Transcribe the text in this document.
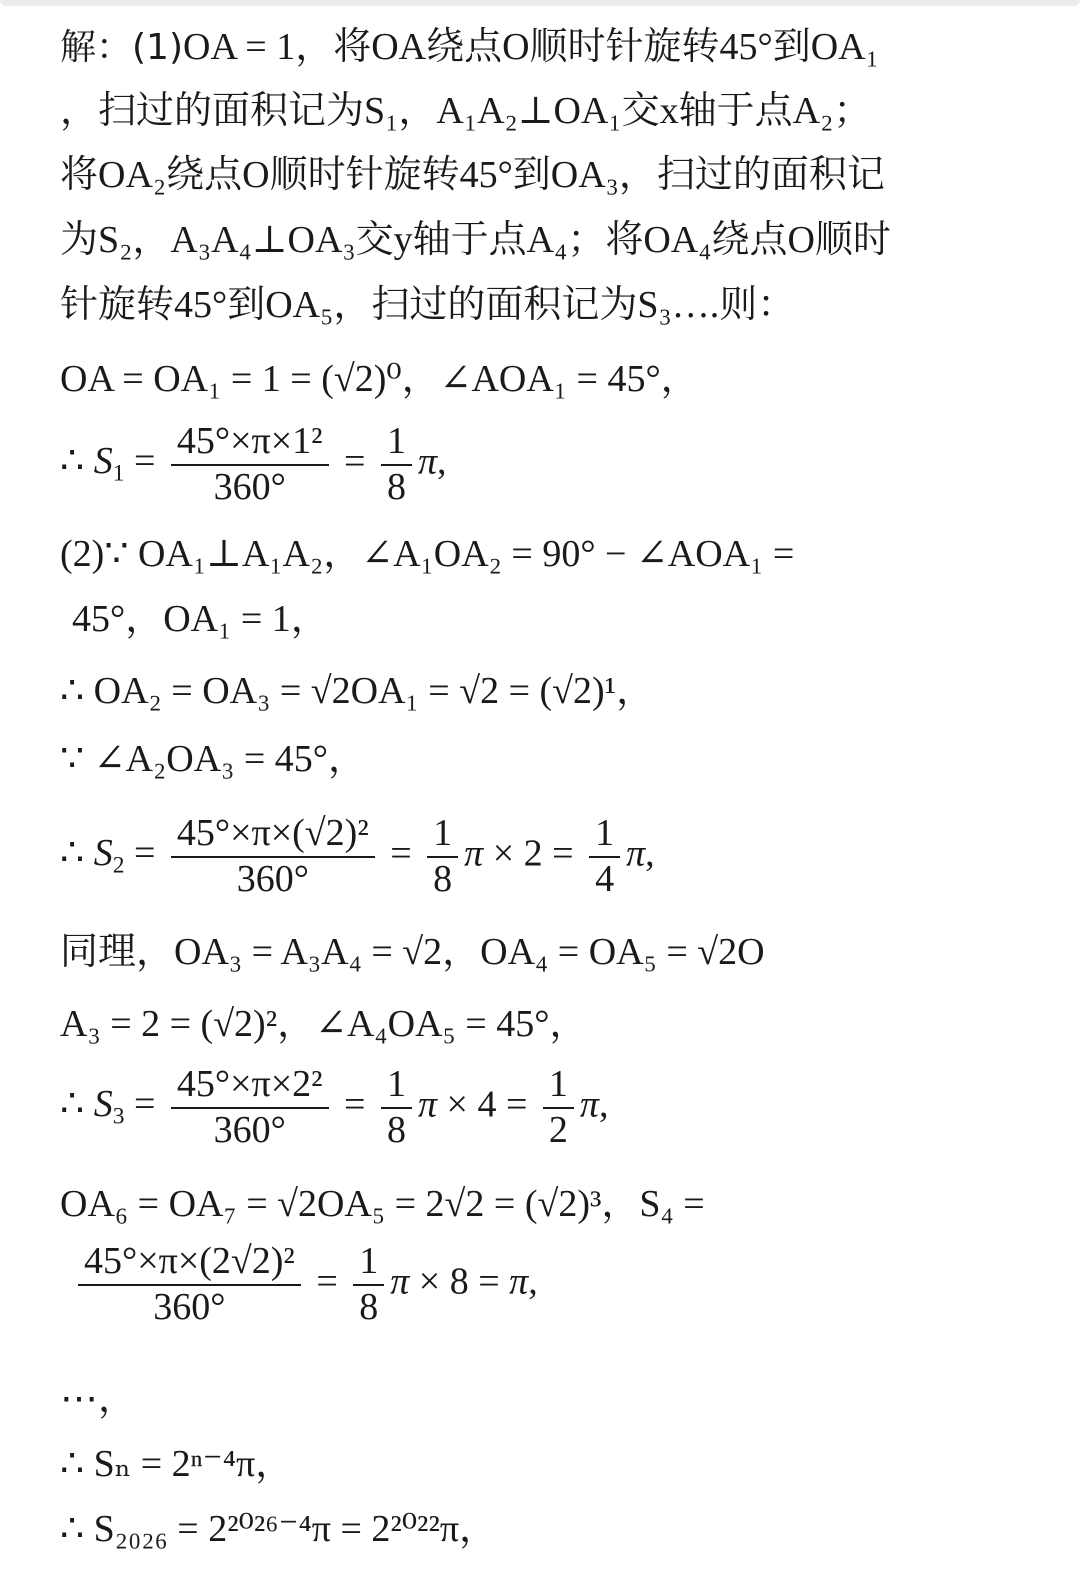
解：(1)OA = 1，将OA绕点O顺时针旋转45°到OA₁
，扫过的面积记为S₁，A₁A₂⊥OA₁交x轴于点A₂；
将OA₂绕点O顺时针旋转45°到OA₃，扫过的面积记
为S₂，A₃A₄⊥OA₃交y轴于点A₄；将OA₄绕点O顺时
针旋转45°到OA₅，扫过的面积记为S₃….则：
OA = OA₁ = 1 = (√2)⁰，∠AOA₁ = 45°，
∴ $S_1 = \frac{\text{45°×π×1²}}{360^\circ} = \frac{1}{8} \pi$,
(2)∵ OA₁⊥A₁A₂，∠A₁OA₂ = 90° − ∠AOA₁ =
45°，OA₁ = 1，
∴ OA₂ = OA₃ = √2OA₁ = √2 = (√2)¹，
∵ ∠A₂OA₃ = 45°，
∴ $S_2 = \frac{\text{45°×π×(√2)²}}{360^\circ} = \frac{1}{8}$ $\pi \times 2 = \frac{1}{4} \pi$,
同理，OA₃ = A₃A₄ = √2，OA₄ = OA₅ = √2O
A₃ = 2 = (√2)²，∠A₄OA₅ = 45°，
∴ $S_3 = \frac{\text{45°×π×2²}}{360^\circ} = \frac{1}{8}$ $\pi \times 4 = \frac{1}{2} \pi$,
OA₆ = OA₇ = √2OA₅ = 2√2 = (√2)³，S₄ =
$\frac{\text{45°×π×(2√2)²}}{360^\circ} = \frac{1}{8}$ π × 8 = π,
⋯，
∴ Sₙ = 2ⁿ⁻⁴π，
∴ S₂₀₂₆ = 2²⁰²⁶⁻⁴π = 2²⁰²²π，
